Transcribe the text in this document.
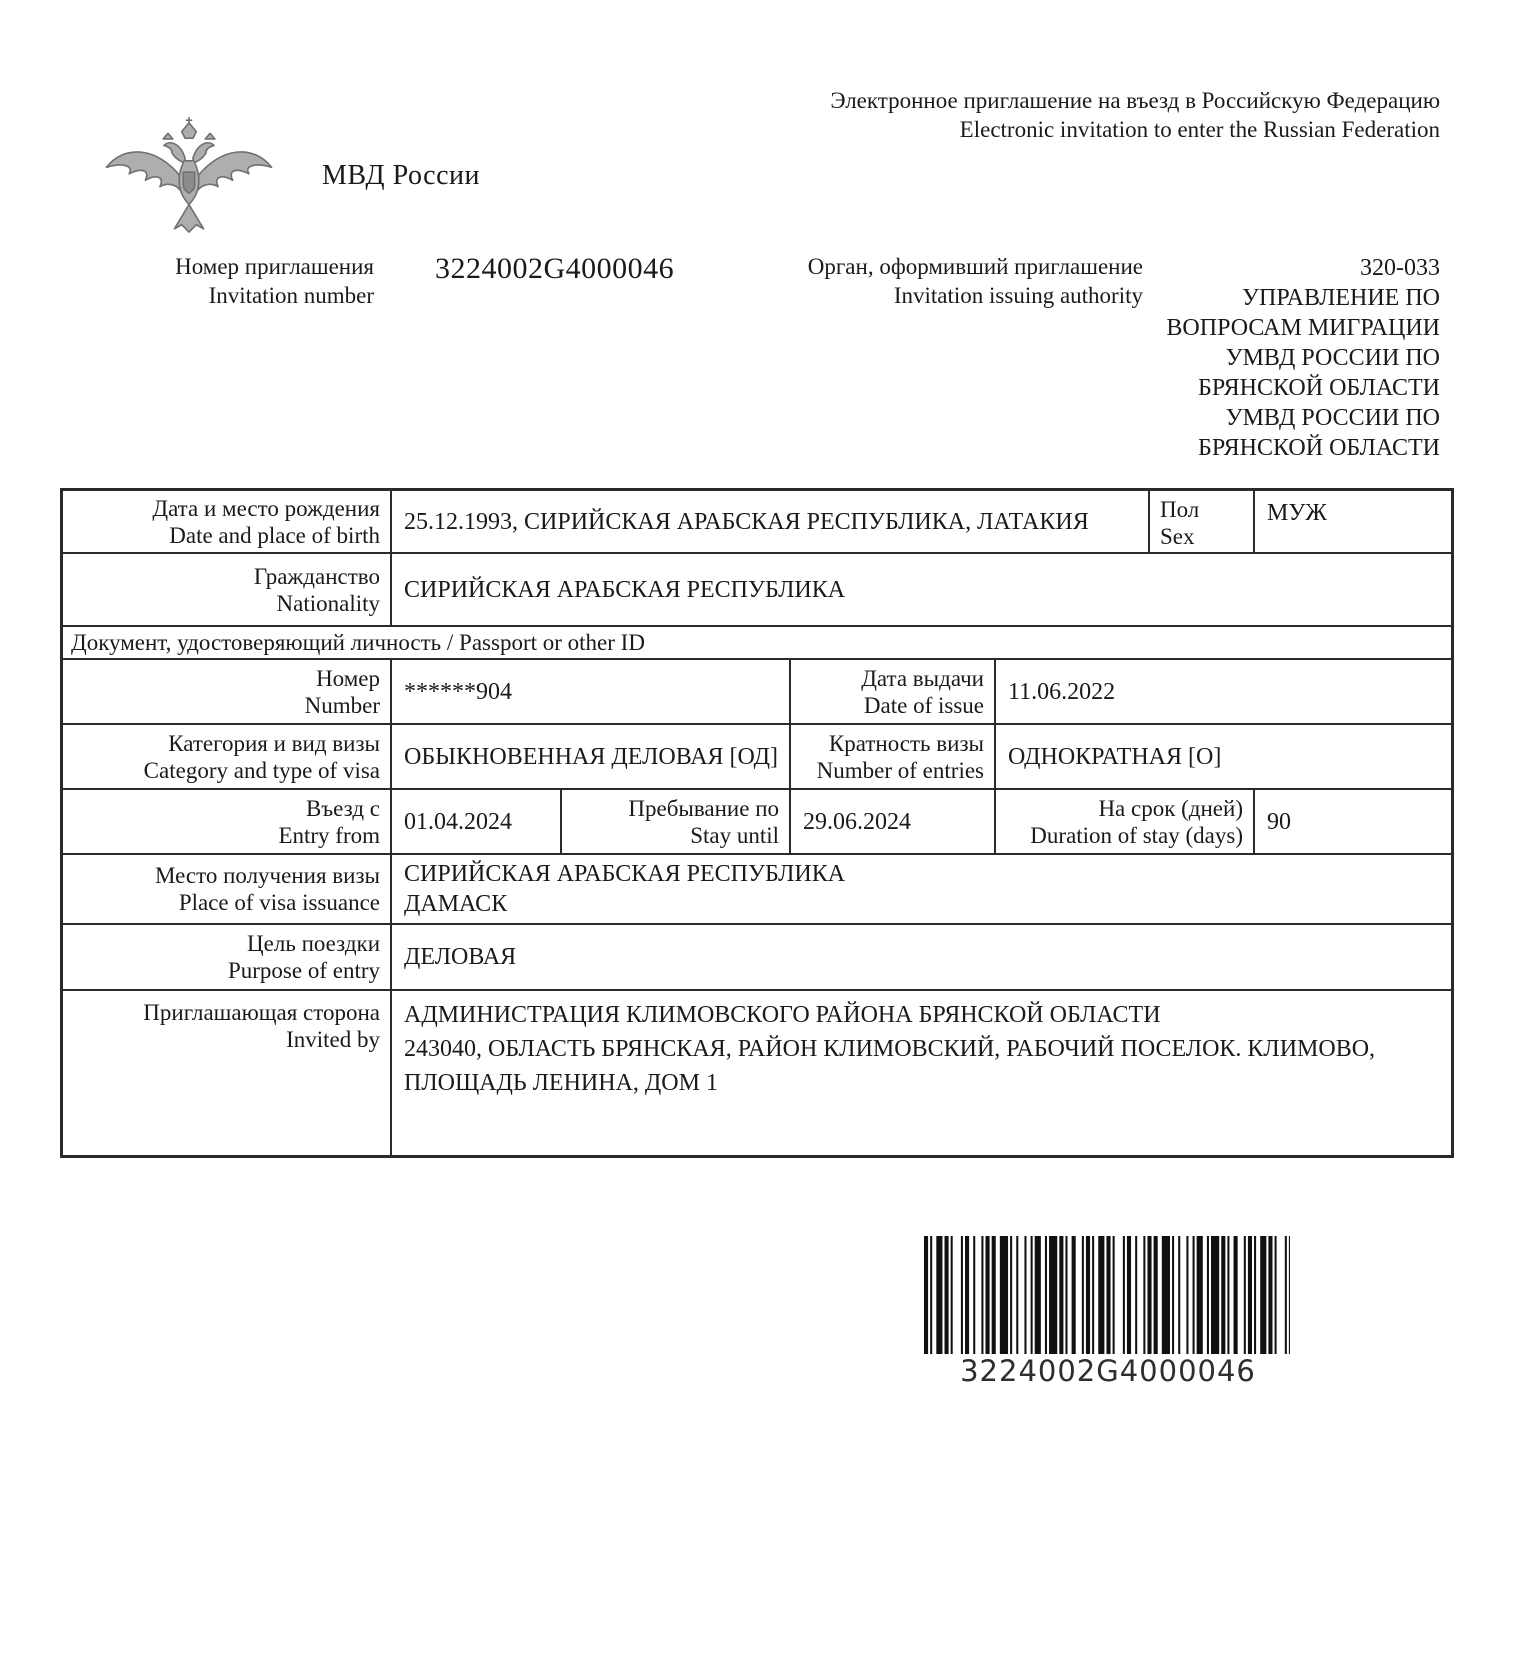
МВД России
Электронное приглашение на въезд в Российскую Федерацию
Electronic invitation to enter the Russian Federation
Номер приглашения
Invitation number
3224002G4000046	Орган, оформивший приглашение
Invitation issuing authority
320-033
УПРАВЛЕНИЕ ПО
ВОПРОСАМ МИГРАЦИИ
УМВД РОССИИ ПО
БРЯНСКОЙ ОБЛАСТИ
УМВД РОССИИ ПО
БРЯНСКОЙ ОБЛАСТИ
Дата и место рождения
Date and place of birth
25.12.1993, СИРИЙСКАЯ АРАБСКАЯ РЕСПУБЛИКА, ЛАТАКИЯ	Пол
Sex
МУЖ
Гражданство
Nationality
СИРИЙСКАЯ АРАБСКАЯ РЕСПУБЛИКА
Документ, удостоверяющий личность / Passport or other ID
Номер
Number
******904
Дата выдачи
Date of issue
11.06.2022
Категория и вид визы
Category and type of visa
ОБЫКНОВЕННАЯ ДЕЛОВАЯ [ОД]
Кратность визы
Number of entries
ОДНОКРАТНАЯ [О]
Въезд с
Entry from
01.04.2024
Пребывание по
Stay until
29.06.2024
На срок (дней)
Duration of stay (days)
90
Место получения визы
Place of visa issuance
СИРИЙСКАЯ АРАБСКАЯ РЕСПУБЛИКА
ДАМАСК
Цель поездки
Purpose of entry
ДЕЛОВАЯ
Приглашающая сторона
Invited by
АДМИНИСТРАЦИЯ КЛИМОВСКОГО РАЙОНА БРЯНСКОЙ ОБЛАСТИ
243040, ОБЛАСТЬ БРЯНСКАЯ, РАЙОН КЛИМОВСКИЙ, РАБОЧИЙ ПОСЕЛОК. КЛИМОВО,
ПЛОЩАДЬ ЛЕНИНА, ДОМ 1
3224002G4000046
